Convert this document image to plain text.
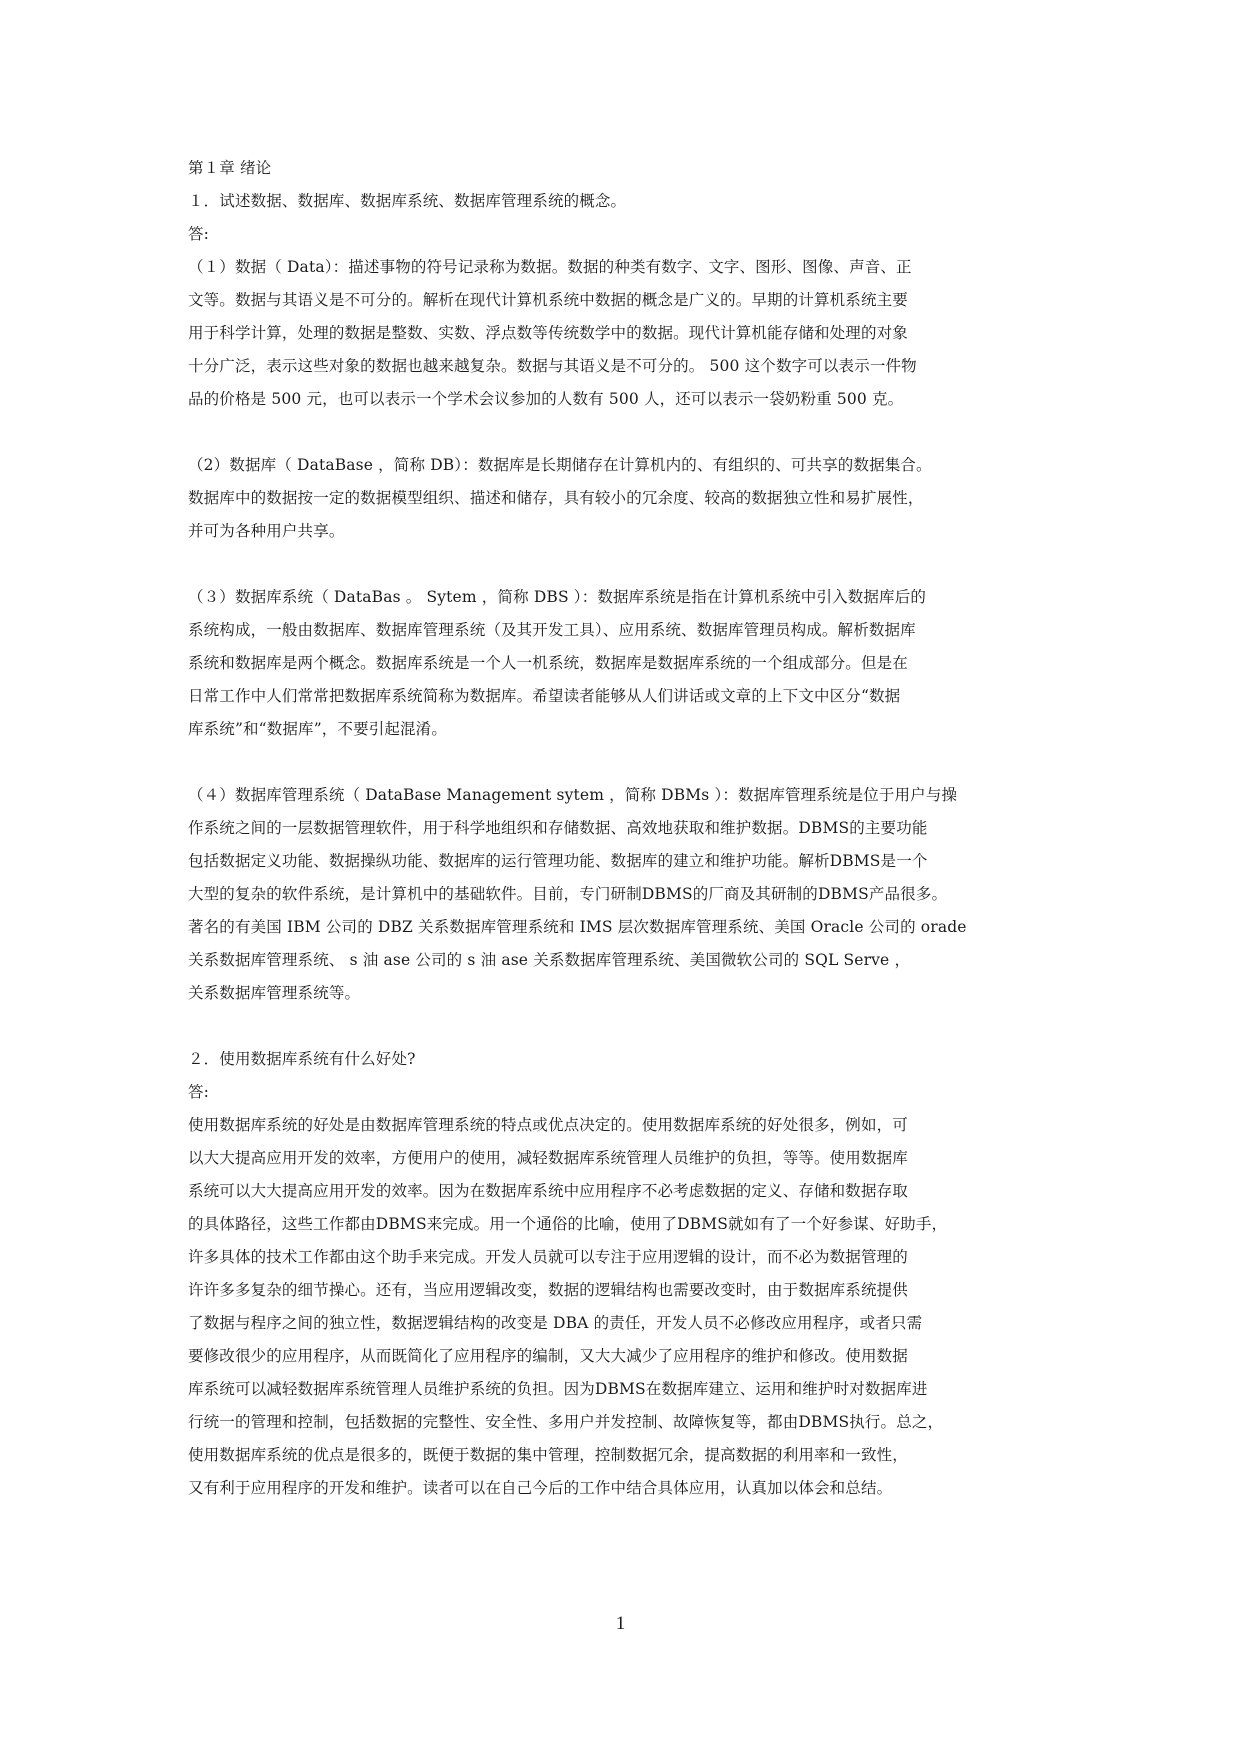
第１章 绪论
１．试述数据、数据库、数据库系统、数据库管理系统的概念。
答:
（１）数据（ Data）：描述事物的符号记录称为数据。数据的种类有数字、文字、图形、图像、声音、正
文等。数据与其语义是不可分的。解析在现代计算机系统中数据的概念是广义的。早期的计算机系统主要
用于科学计算，处理的数据是整数、实数、浮点数等传统数学中的数据。现代计算机能存储和处理的对象
十分广泛，表示这些对象的数据也越来越复杂。数据与其语义是不可分的。 500 这个数字可以表示一件物
品的价格是 500 元，也可以表示一个学术会议参加的人数有 500 人，还可以表示一袋奶粉重 500 克。
（2）数据库（ DataBase ，简称 DB）：数据库是长期储存在计算机内的、有组织的、可共享的数据集合。
数据库中的数据按一定的数据模型组织、描述和储存，具有较小的冗余度、较高的数据独立性和易扩展性，
并可为各种用户共享。
（３）数据库系统（ DataBas 。 Sytem ，简称 DBS ）：数据库系统是指在计算机系统中引入数据库后的
系统构成，一般由数据库、数据库管理系统（及其开发工具）、应用系统、数据库管理员构成。解析数据库
系统和数据库是两个概念。数据库系统是一个人一机系统，数据库是数据库系统的一个组成部分。但是在
日常工作中人们常常把数据库系统简称为数据库。希望读者能够从人们讲话或文章的上下文中区分“数据
库系统”和“数据库”，不要引起混淆。
（４）数据库管理系统（ DataBase Management sytem ，简称 DBMs ）：数据库管理系统是位于用户与操
作系统之间的一层数据管理软件，用于科学地组织和存储数据、高效地获取和维护数据。DBMS的主要功能
包括数据定义功能、数据操纵功能、数据库的运行管理功能、数据库的建立和维护功能。解析DBMS是一个
大型的复杂的软件系统，是计算机中的基础软件。目前，专门研制DBMS的厂商及其研制的DBMS产品很多。
著名的有美国 IBM 公司的 DBZ 关系数据库管理系统和 IMS 层次数据库管理系统、美国 Oracle 公司的 orade
关系数据库管理系统、 s 油 ase 公司的 s 油 ase 关系数据库管理系统、美国微软公司的 SQL Serve ，
关系数据库管理系统等。
２．使用数据库系统有什么好处?
答:
使用数据库系统的好处是由数据库管理系统的特点或优点决定的。使用数据库系统的好处很多，例如，可
以大大提高应用开发的效率，方便用户的使用，减轻数据库系统管理人员维护的负担，等等。使用数据库
系统可以大大提高应用开发的效率。因为在数据库系统中应用程序不必考虑数据的定义、存储和数据存取
的具体路径，这些工作都由DBMS来完成。用一个通俗的比喻，使用了DBMS就如有了一个好参谋、好助手，
许多具体的技术工作都由这个助手来完成。开发人员就可以专注于应用逻辑的设计，而不必为数据管理的
许许多多复杂的细节操心。还有，当应用逻辑改变，数据的逻辑结构也需要改变时，由于数据库系统提供
了数据与程序之间的独立性，数据逻辑结构的改变是 DBA 的责任，开发人员不必修改应用程序，或者只需
要修改很少的应用程序，从而既简化了应用程序的编制，又大大减少了应用程序的维护和修改。使用数据
库系统可以减轻数据库系统管理人员维护系统的负担。因为DBMS在数据库建立、运用和维护时对数据库进
行统一的管理和控制，包括数据的完整性、安全性、多用户并发控制、故障恢复等，都由DBMS执行。总之，
使用数据库系统的优点是很多的，既便于数据的集中管理，控制数据冗余，提高数据的利用率和一致性，
又有利于应用程序的开发和维护。读者可以在自己今后的工作中结合具体应用，认真加以体会和总结。
1
